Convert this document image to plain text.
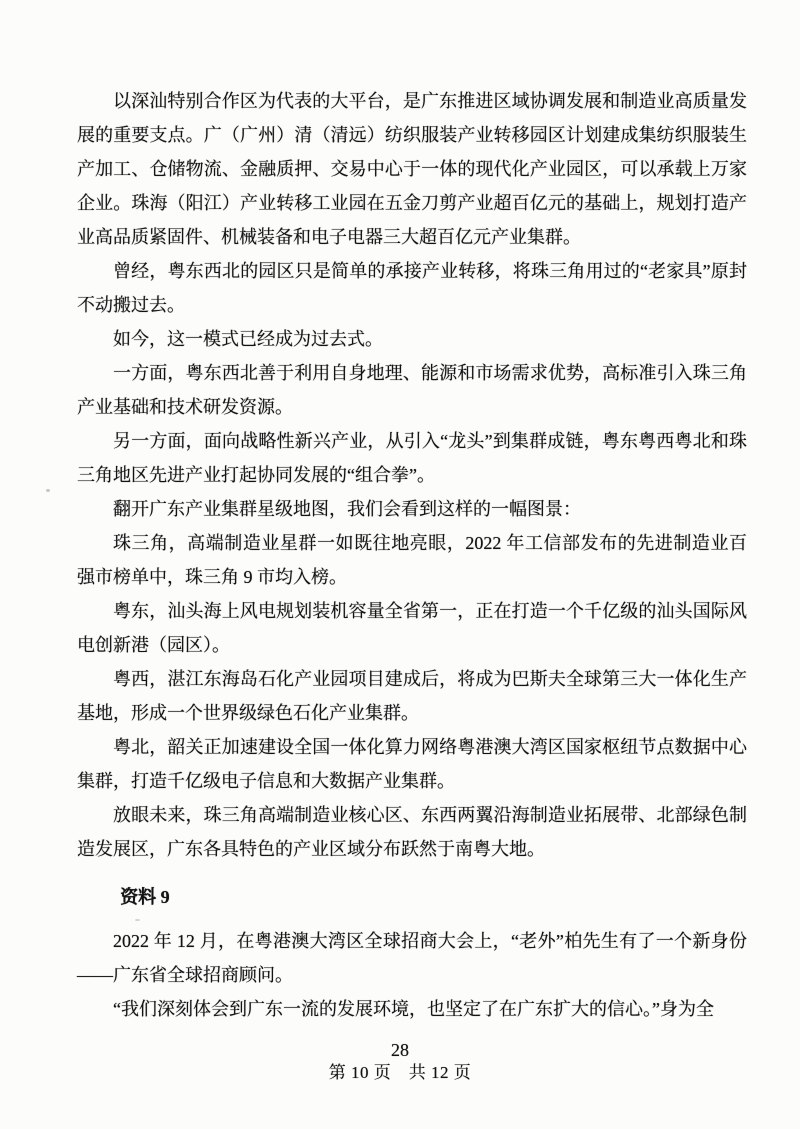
以深汕特别合作区为代表的大平台，是广东推进区域协调发展和制造业高质量发展的重要支点。广（广州）清（清远）纺织服装产业转移园区计划建成集纺织服装生产加工、仓储物流、金融质押、交易中心于一体的现代化产业园区，可以承载上万家企业。珠海（阳江）产业转移工业园在五金刀剪产业超百亿元的基础上，规划打造产业高品质紧固件、机械装备和电子电器三大超百亿元产业集群。

曾经，粤东西北的园区只是简单的承接产业转移，将珠三角用过的“老家具”原封不动搬过去。

如今，这一模式已经成为过去式。

一方面，粤东西北善于利用自身地理、能源和市场需求优势，高标准引入珠三角产业基础和技术研发资源。

另一方面，面向战略性新兴产业，从引入“龙头”到集群成链，粤东粤西粤北和珠三角地区先进产业打起协同发展的“组合拳”。

翻开广东产业集群星级地图，我们会看到这样的一幅图景：

珠三角，高端制造业星群一如既往地亮眼，2022 年工信部发布的先进制造业百强市榜单中，珠三角 9 市均入榜。

粤东，汕头海上风电规划装机容量全省第一，正在打造一个千亿级的汕头国际风电创新港（园区）。

粤西，湛江东海岛石化产业园项目建成后，将成为巴斯夫全球第三大一体化生产基地，形成一个世界级绿色石化产业集群。

粤北，韶关正加速建设全国一体化算力网络粤港澳大湾区国家枢纽节点数据中心集群，打造千亿级电子信息和大数据产业集群。

放眼未来，珠三角高端制造业核心区、东西两翼沿海制造业拓展带、北部绿色制造发展区，广东各具特色的产业区域分布跃然于南粤大地。

资料 9

2022 年 12 月，在粤港澳大湾区全球招商大会上，“老外”柏先生有了一个新身份——广东省全球招商顾问。

“我们深刻体会到广东一流的发展环境，也坚定了在广东扩大的信心。”身为全

28
第 10 页　共 12 页
